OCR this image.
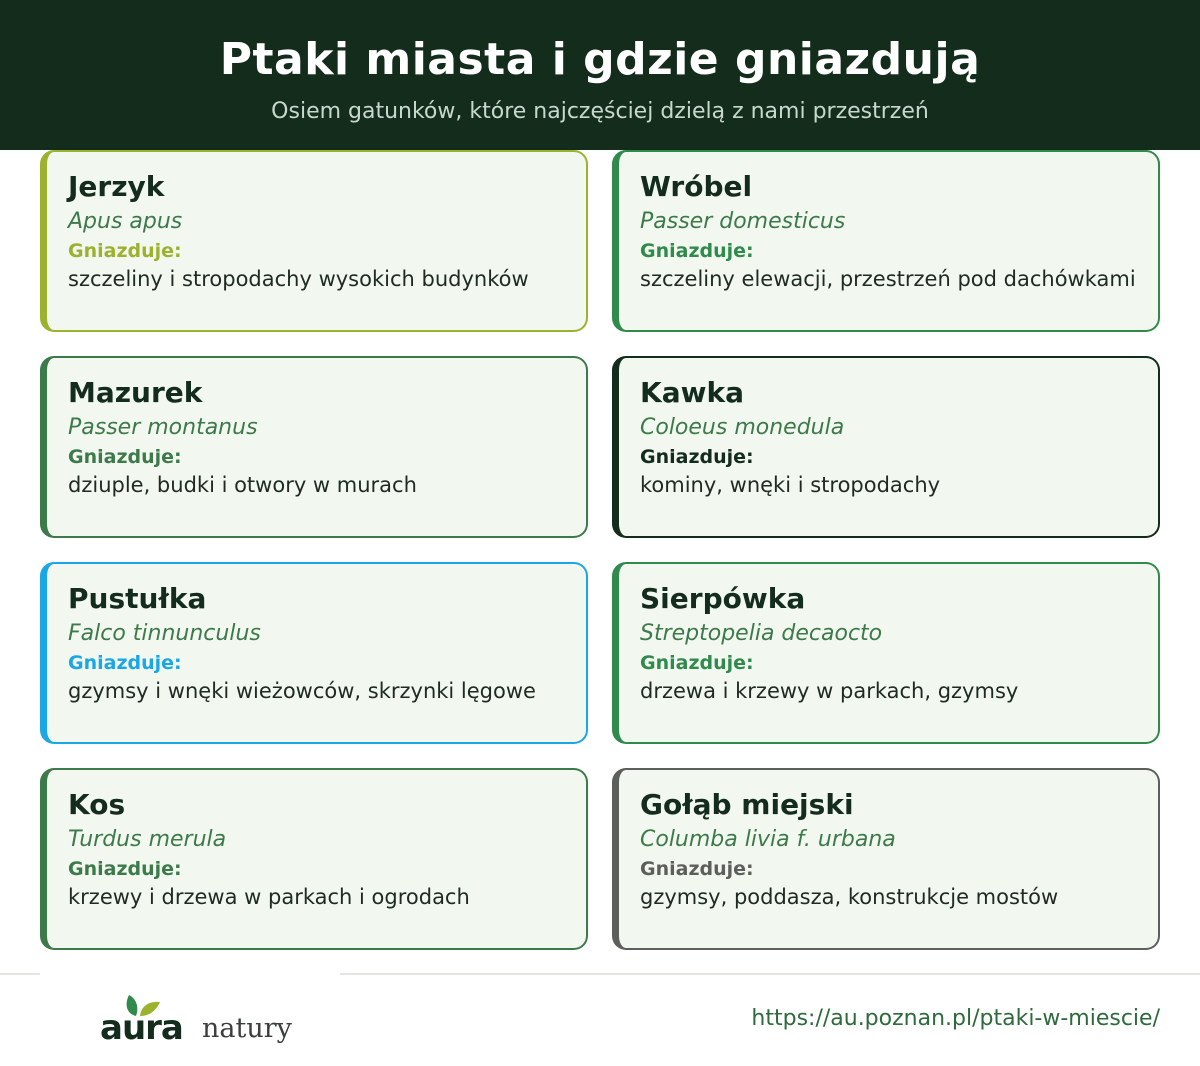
Ptaki miasta i gdzie gniazdują

Osiem gatunków, które najczęściej dzielą z nami przestrzeń

Jerzyk
Apus apus
Gniazduje:
szczeliny i stropodachy wysokich budynków
Wróbel
Passer domesticus
Gniazduje:
szczeliny elewacji, przestrzeń pod dachówkami
Mazurek
Passer montanus
Gniazduje:
dziuple, budki i otwory w murach
Kawka
Coloeus monedula
Gniazduje:
kominy, wnęki i stropodachy
Pustułka
Falco tinnunculus
Gniazduje:
gzymsy i wnęki wieżowców, skrzynki lęgowe
Sierpówka
Streptopelia decaocto
Gniazduje:
drzewa i krzewy w parkach, gzymsy
Kos
Turdus merula
Gniazduje:
krzewy i drzewa w parkach i ogrodach
Gołąb miejski
Columba livia f. urbana
Gniazduje:
gzymsy, poddasza, konstrukcje mostów
aura natury	https://au.poznan.pl/ptaki-w-miescie/
